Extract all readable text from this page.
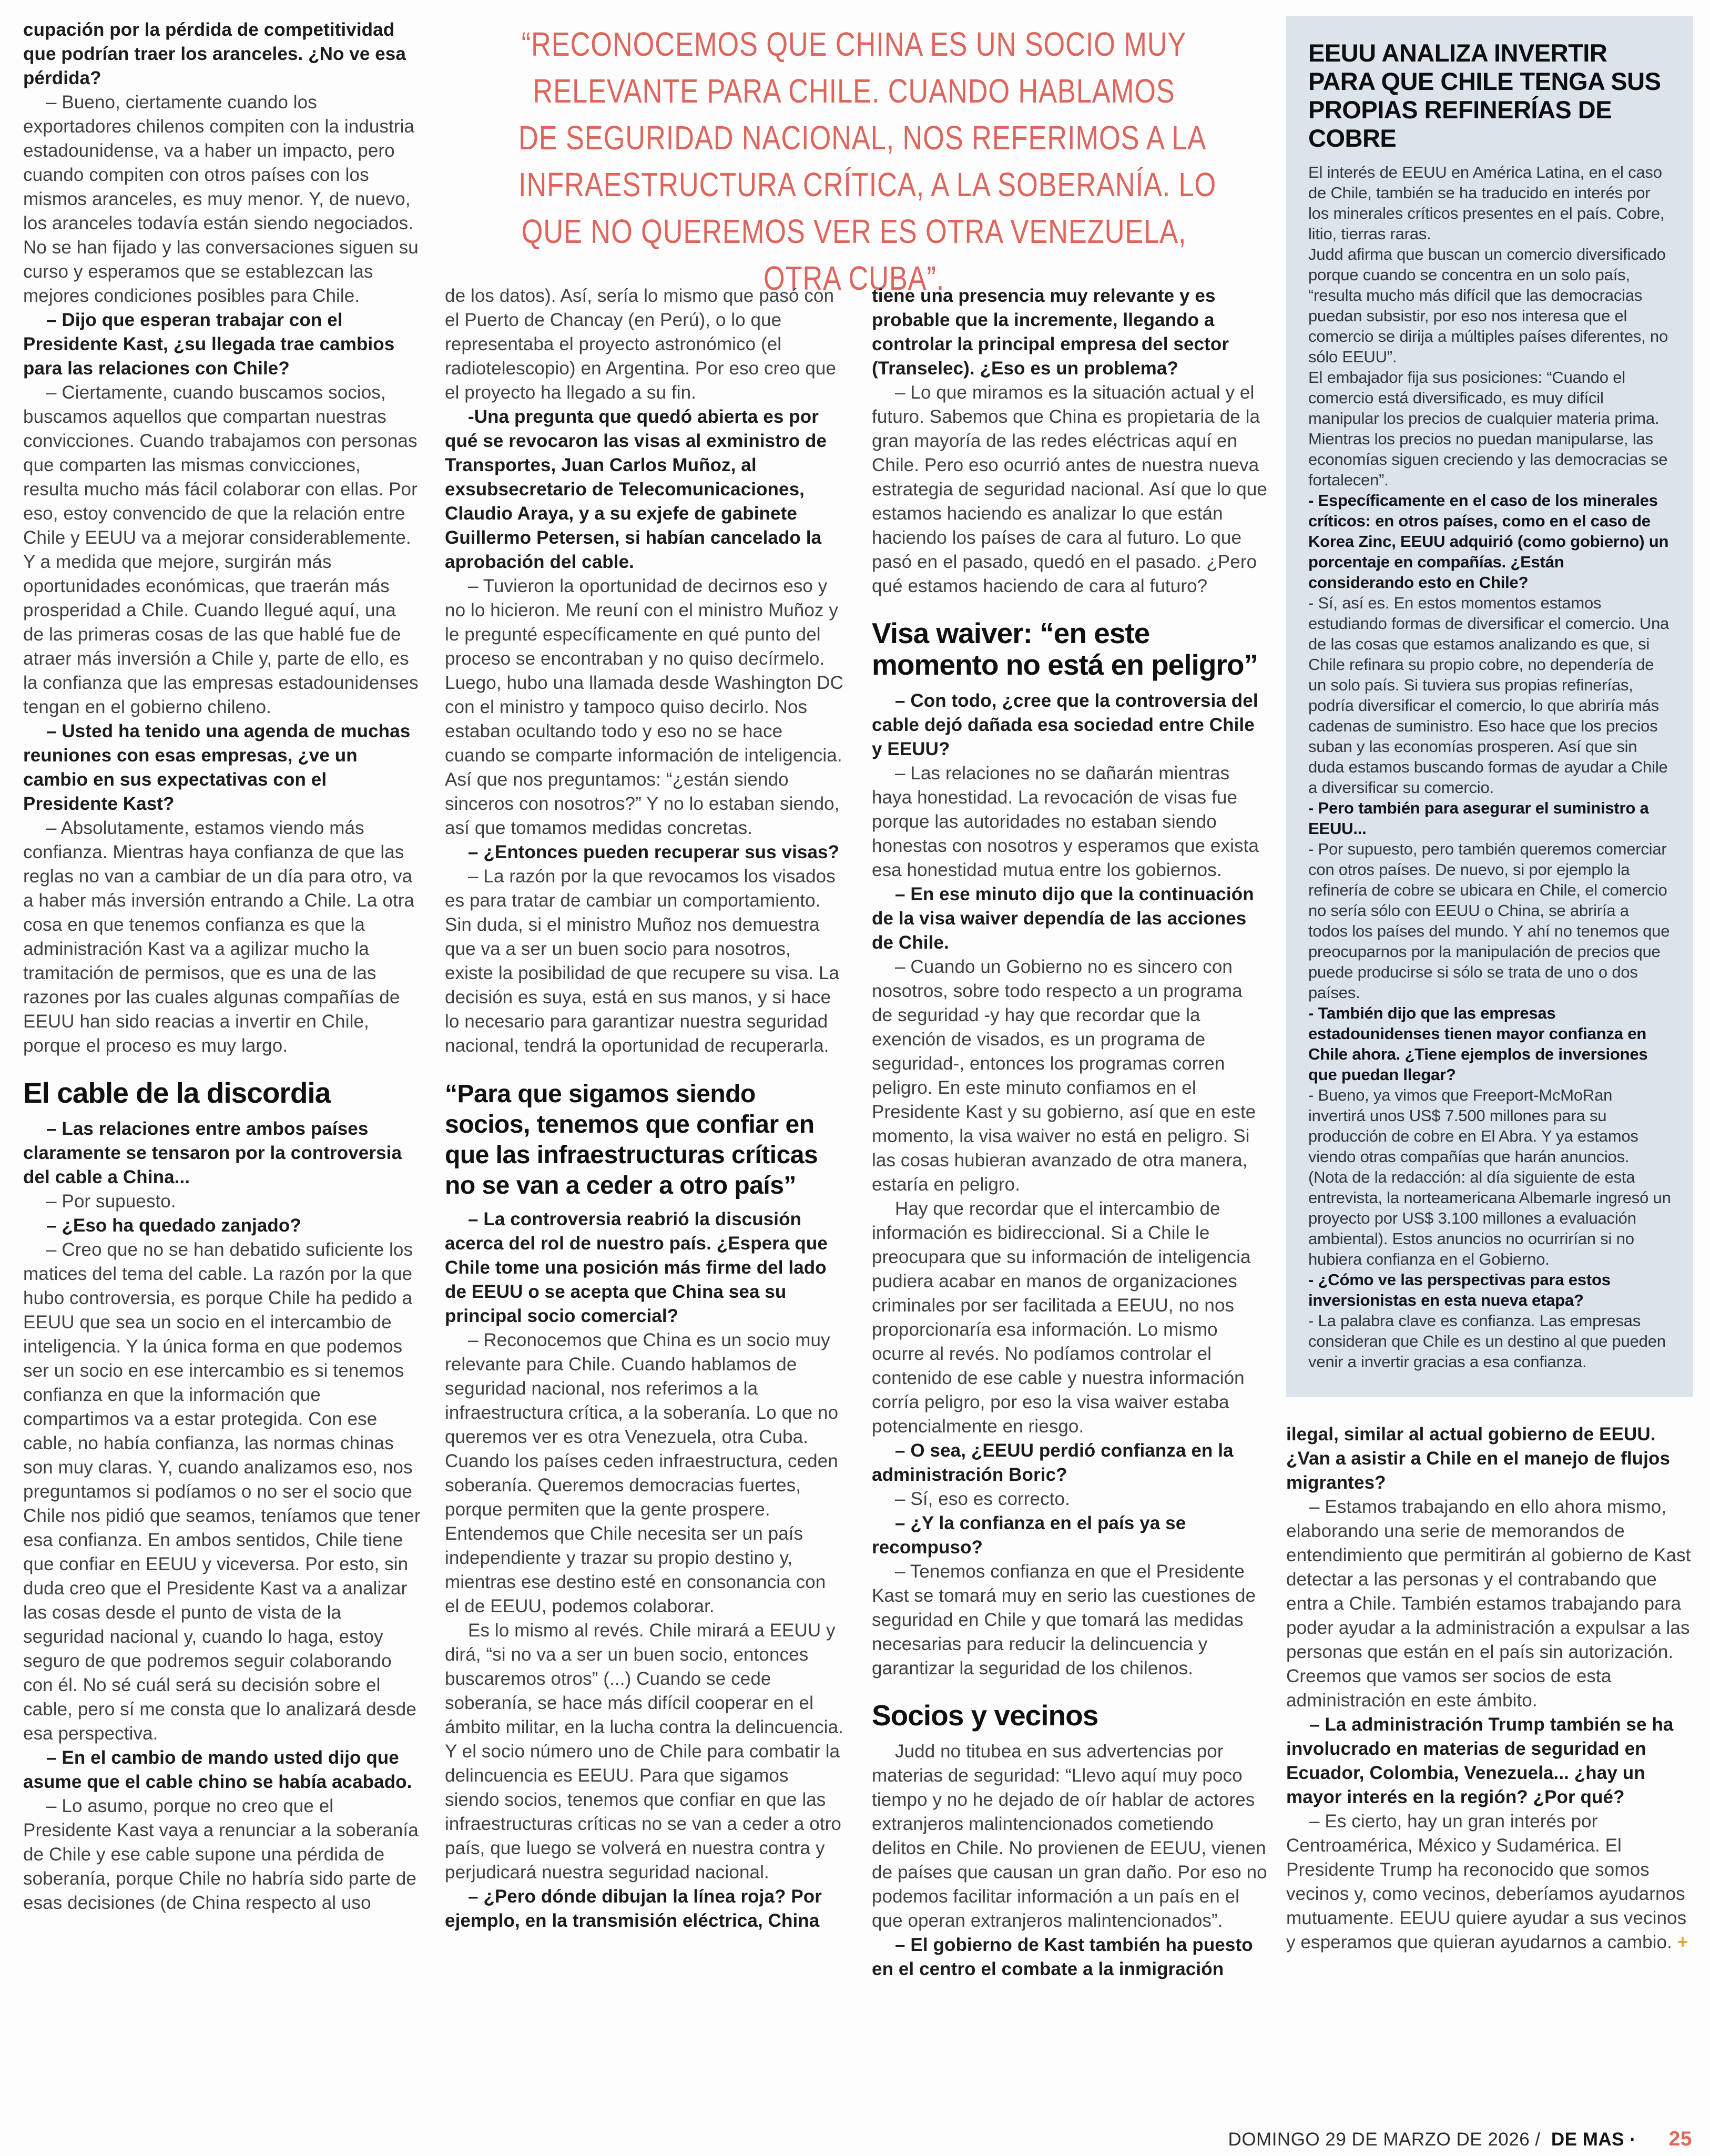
“RECONOCEMOS QUE CHINA ES UN SOCIO MUY
RELEVANTE PARA CHILE. CUANDO HABLAMOS
DE SEGURIDAD NACIONAL, NOS REFERIMOS A LA
INFRAESTRUCTURA CRÍTICA, A LA SOBERANÍA. LO
QUE NO QUEREMOS VER ES OTRA VENEZUELA,
OTRA CUBA”.

cupación por la pérdida de competitividad que podrían traer los aranceles. ¿No ve esa pérdida?

– Bueno, ciertamente cuando los exportadores chilenos compiten con la industria estadounidense, va a haber un impacto, pero cuando compiten con otros países con los mismos aranceles, es muy menor. Y, de nuevo, los aranceles todavía están siendo negociados. No se han fijado y las conversaciones siguen su curso y esperamos que se establezcan las mejores condiciones posibles para Chile.

– Dijo que esperan trabajar con el Presidente Kast, ¿su llegada trae cambios para las relaciones con Chile?

– Ciertamente, cuando buscamos socios, buscamos aquellos que compartan nuestras convicciones. Cuando trabajamos con personas que comparten las mismas convicciones, resulta mucho más fácil colaborar con ellas. Por eso, estoy convencido de que la relación entre Chile y EEUU va a mejorar considerablemente. Y a medida que mejore, surgirán más oportunidades económicas, que traerán más prosperidad a Chile. Cuando llegué aquí, una de las primeras cosas de las que hablé fue de atraer más inversión a Chile y, parte de ello, es la confianza que las empresas estadounidenses tengan en el gobierno chileno.

– Usted ha tenido una agenda de muchas reuniones con esas empresas, ¿ve un cambio en sus expectativas con el Presidente Kast?

– Absolutamente, estamos viendo más confianza. Mientras haya confianza de que las reglas no van a cambiar de un día para otro, va a haber más inversión entrando a Chile. La otra cosa en que tenemos confianza es que la administración Kast va a agilizar mucho la tramitación de permisos, que es una de las razones por las cuales algunas compañías de EEUU han sido reacias a invertir en Chile, porque el proceso es muy largo.

El cable de la discordia

– Las relaciones entre ambos países claramente se tensaron por la controversia del cable a China...

– Por supuesto.

– ¿Eso ha quedado zanjado?

– Creo que no se han debatido suficiente los matices del tema del cable. La razón por la que hubo controversia, es porque Chile ha pedido a EEUU que sea un socio en el intercambio de inteligencia. Y la única forma en que podemos ser un socio en ese intercambio es si tenemos confianza en que la información que compartimos va a estar protegida. Con ese cable, no había confianza, las normas chinas son muy claras. Y, cuando analizamos eso, nos preguntamos si podíamos o no ser el socio que Chile nos pidió que seamos, teníamos que tener esa confianza. En ambos sentidos, Chile tiene que confiar en EEUU y viceversa. Por esto, sin duda creo que el Presidente Kast va a analizar las cosas desde el punto de vista de la seguridad nacional y, cuando lo haga, estoy seguro de que podremos seguir colaborando con él. No sé cuál será su decisión sobre el cable, pero sí me consta que lo analizará desde esa perspectiva.

– En el cambio de mando usted dijo que asume que el cable chino se había acabado.

– Lo asumo, porque no creo que el Presidente Kast vaya a renunciar a la soberanía de Chile y ese cable supone una pérdida de soberanía, porque Chile no habría sido parte de esas decisiones (de China respecto al uso

de los datos). Así, sería lo mismo que pasó con el Puerto de Chancay (en Perú), o lo que representaba el proyecto astronómico (el radiotelescopio) en Argentina. Por eso creo que el proyecto ha llegado a su fin.

-Una pregunta que quedó abierta es por qué se revocaron las visas al exministro de Transportes, Juan Carlos Muñoz, al exsubsecretario de Telecomunicaciones, Claudio Araya, y a su exjefe de gabinete Guillermo Petersen, si habían cancelado la aprobación del cable.

– Tuvieron la oportunidad de decirnos eso y no lo hicieron. Me reuní con el ministro Muñoz y le pregunté específicamente en qué punto del proceso se encontraban y no quiso decírmelo. Luego, hubo una llamada desde Washington DC con el ministro y tampoco quiso decirlo. Nos estaban ocultando todo y eso no se hace cuando se comparte información de inteligencia. Así que nos preguntamos: “¿están siendo sinceros con nosotros?” Y no lo estaban siendo, así que tomamos medidas concretas.

– ¿Entonces pueden recuperar sus visas?

– La razón por la que revocamos los visados es para tratar de cambiar un comportamiento. Sin duda, si el ministro Muñoz nos demuestra que va a ser un buen socio para nosotros, existe la posibilidad de que recupere su visa. La decisión es suya, está en sus manos, y si hace lo necesario para garantizar nuestra seguridad nacional, tendrá la oportunidad de recuperarla.

“Para que sigamos siendo socios, tenemos que confiar en que las infraestructuras críticas no se van a ceder a otro país”

– La controversia reabrió la discusión acerca del rol de nuestro país. ¿Espera que Chile tome una posición más firme del lado de EEUU o se acepta que China sea su principal socio comercial?

– Reconocemos que China es un socio muy relevante para Chile. Cuando hablamos de seguridad nacional, nos referimos a la infraestructura crítica, a la soberanía. Lo que no queremos ver es otra Venezuela, otra Cuba. Cuando los países ceden infraestructura, ceden soberanía. Queremos democracias fuertes, porque permiten que la gente prospere. Entendemos que Chile necesita ser un país independiente y trazar su propio destino y, mientras ese destino esté en consonancia con el de EEUU, podemos colaborar.

Es lo mismo al revés. Chile mirará a EEUU y dirá, “si no va a ser un buen socio, entonces buscaremos otros” (...) Cuando se cede soberanía, se hace más difícil cooperar en el ámbito militar, en la lucha contra la delincuencia. Y el socio número uno de Chile para combatir la delincuencia es EEUU. Para que sigamos siendo socios, tenemos que confiar en que las infraestructuras críticas no se van a ceder a otro país, que luego se volverá en nuestra contra y perjudicará nuestra seguridad nacional.

– ¿Pero dónde dibujan la línea roja? Por ejemplo, en la transmisión eléctrica, China

tiene una presencia muy relevante y es probable que la incremente, llegando a controlar la principal empresa del sector (Transelec). ¿Eso es un problema?

– Lo que miramos es la situación actual y el futuro. Sabemos que China es propietaria de la gran mayoría de las redes eléctricas aquí en Chile. Pero eso ocurrió antes de nuestra nueva estrategia de seguridad nacional. Así que lo que estamos haciendo es analizar lo que están haciendo los países de cara al futuro. Lo que pasó en el pasado, quedó en el pasado. ¿Pero qué estamos haciendo de cara al futuro?

Visa waiver: “en este momento no está en peligro”

– Con todo, ¿cree que la controversia del cable dejó dañada esa sociedad entre Chile y EEUU?

– Las relaciones no se dañarán mientras haya honestidad. La revocación de visas fue porque las autoridades no estaban siendo honestas con nosotros y esperamos que exista esa honestidad mutua entre los gobiernos.

– En ese minuto dijo que la continuación de la visa waiver dependía de las acciones de Chile.

– Cuando un Gobierno no es sincero con nosotros, sobre todo respecto a un programa de seguridad -y hay que recordar que la exención de visados, es un programa de seguridad-, entonces los programas corren peligro. En este minuto confiamos en el Presidente Kast y su gobierno, así que en este momento, la visa waiver no está en peligro. Si las cosas hubieran avanzado de otra manera, estaría en peligro.

Hay que recordar que el intercambio de información es bidireccional. Si a Chile le preocupara que su información de inteligencia pudiera acabar en manos de organizaciones criminales por ser facilitada a EEUU, no nos proporcionaría esa información. Lo mismo ocurre al revés. No podíamos controlar el contenido de ese cable y nuestra información corría peligro, por eso la visa waiver estaba potencialmente en riesgo.

– O sea, ¿EEUU perdió confianza en la administración Boric?

– Sí, eso es correcto.

– ¿Y la confianza en el país ya se recompuso?

– Tenemos confianza en que el Presidente Kast se tomará muy en serio las cuestiones de seguridad en Chile y que tomará las medidas necesarias para reducir la delincuencia y garantizar la seguridad de los chilenos.

Socios y vecinos

Judd no titubea en sus advertencias por materias de seguridad: “Llevo aquí muy poco tiempo y no he dejado de oír hablar de actores extranjeros malintencionados cometiendo delitos en Chile. No provienen de EEUU, vienen de países que causan un gran daño. Por eso no podemos facilitar información a un país en el que operan extranjeros malintencionados”.

– El gobierno de Kast también ha puesto en el centro el combate a la inmigración

EEUU ANALIZA INVERTIR PARA QUE CHILE TENGA SUS PROPIAS REFINERÍAS DE COBRE

El interés de EEUU en América Latina, en el caso de Chile, también se ha traducido en interés por los minerales críticos presentes en el país. Cobre, litio, tierras raras.

Judd afirma que buscan un comercio diversificado porque cuando se concentra en un solo país, “resulta mucho más difícil que las democracias puedan subsistir, por eso nos interesa que el comercio se dirija a múltiples países diferentes, no sólo EEUU”.

El embajador fija sus posiciones: “Cuando el comercio está diversificado, es muy difícil manipular los precios de cualquier materia prima. Mientras los precios no puedan manipularse, las economías siguen creciendo y las democracias se fortalecen”.

- Específicamente en el caso de los minerales críticos: en otros países, como en el caso de Korea Zinc, EEUU adquirió (como gobierno) un porcentaje en compañías. ¿Están considerando esto en Chile?

- Sí, así es. En estos momentos estamos estudiando formas de diversificar el comercio. Una de las cosas que estamos analizando es que, si Chile refinara su propio cobre, no dependería de un solo país. Si tuviera sus propias refinerías, podría diversificar el comercio, lo que abriría más cadenas de suministro. Eso hace que los precios suban y las economías prosperen. Así que sin duda estamos buscando formas de ayudar a Chile a diversificar su comercio.

- Pero también para asegurar el suministro a EEUU...

- Por supuesto, pero también queremos comerciar con otros países. De nuevo, si por ejemplo la refinería de cobre se ubicara en Chile, el comercio no sería sólo con EEUU o China, se abriría a todos los países del mundo. Y ahí no tenemos que preocuparnos por la manipulación de precios que puede producirse si sólo se trata de uno o dos países.

- También dijo que las empresas estadounidenses tienen mayor confianza en Chile ahora. ¿Tiene ejemplos de inversiones que puedan llegar?

- Bueno, ya vimos que Freeport-McMoRan invertirá unos US$ 7.500 millones para su producción de cobre en El Abra. Y ya estamos viendo otras compañías que harán anuncios. (Nota de la redacción: al día siguiente de esta entrevista, la norteamericana Albemarle ingresó un proyecto por US$ 3.100 millones a evaluación ambiental). Estos anuncios no ocurrirían si no hubiera confianza en el Gobierno.

- ¿Cómo ve las perspectivas para estos inversionistas en esta nueva etapa?

- La palabra clave es confianza. Las empresas consideran que Chile es un destino al que pueden venir a invertir gracias a esa confianza.

ilegal, similar al actual gobierno de EEUU. ¿Van a asistir a Chile en el manejo de flujos migrantes?

– Estamos trabajando en ello ahora mismo, elaborando una serie de memorandos de entendimiento que permitirán al gobierno de Kast detectar a las personas y el contrabando que entra a Chile. También estamos trabajando para poder ayudar a la administración a expulsar a las personas que están en el país sin autorización. Creemos que vamos ser socios de esta administración en este ámbito.

– La administración Trump también se ha involucrado en materias de seguridad en Ecuador, Colombia, Venezuela... ¿hay un mayor interés en la región? ¿Por qué?

– Es cierto, hay un gran interés por Centroamérica, México y Sudamérica. El Presidente Trump ha reconocido que somos vecinos y, como vecinos, deberíamos ayudarnos mutuamente. EEUU quiere ayudar a sus vecinos y esperamos que quieran ayudarnos a cambio. +

DOMINGO 29 DE MARZO DE 2026 / DE MAS · 25
